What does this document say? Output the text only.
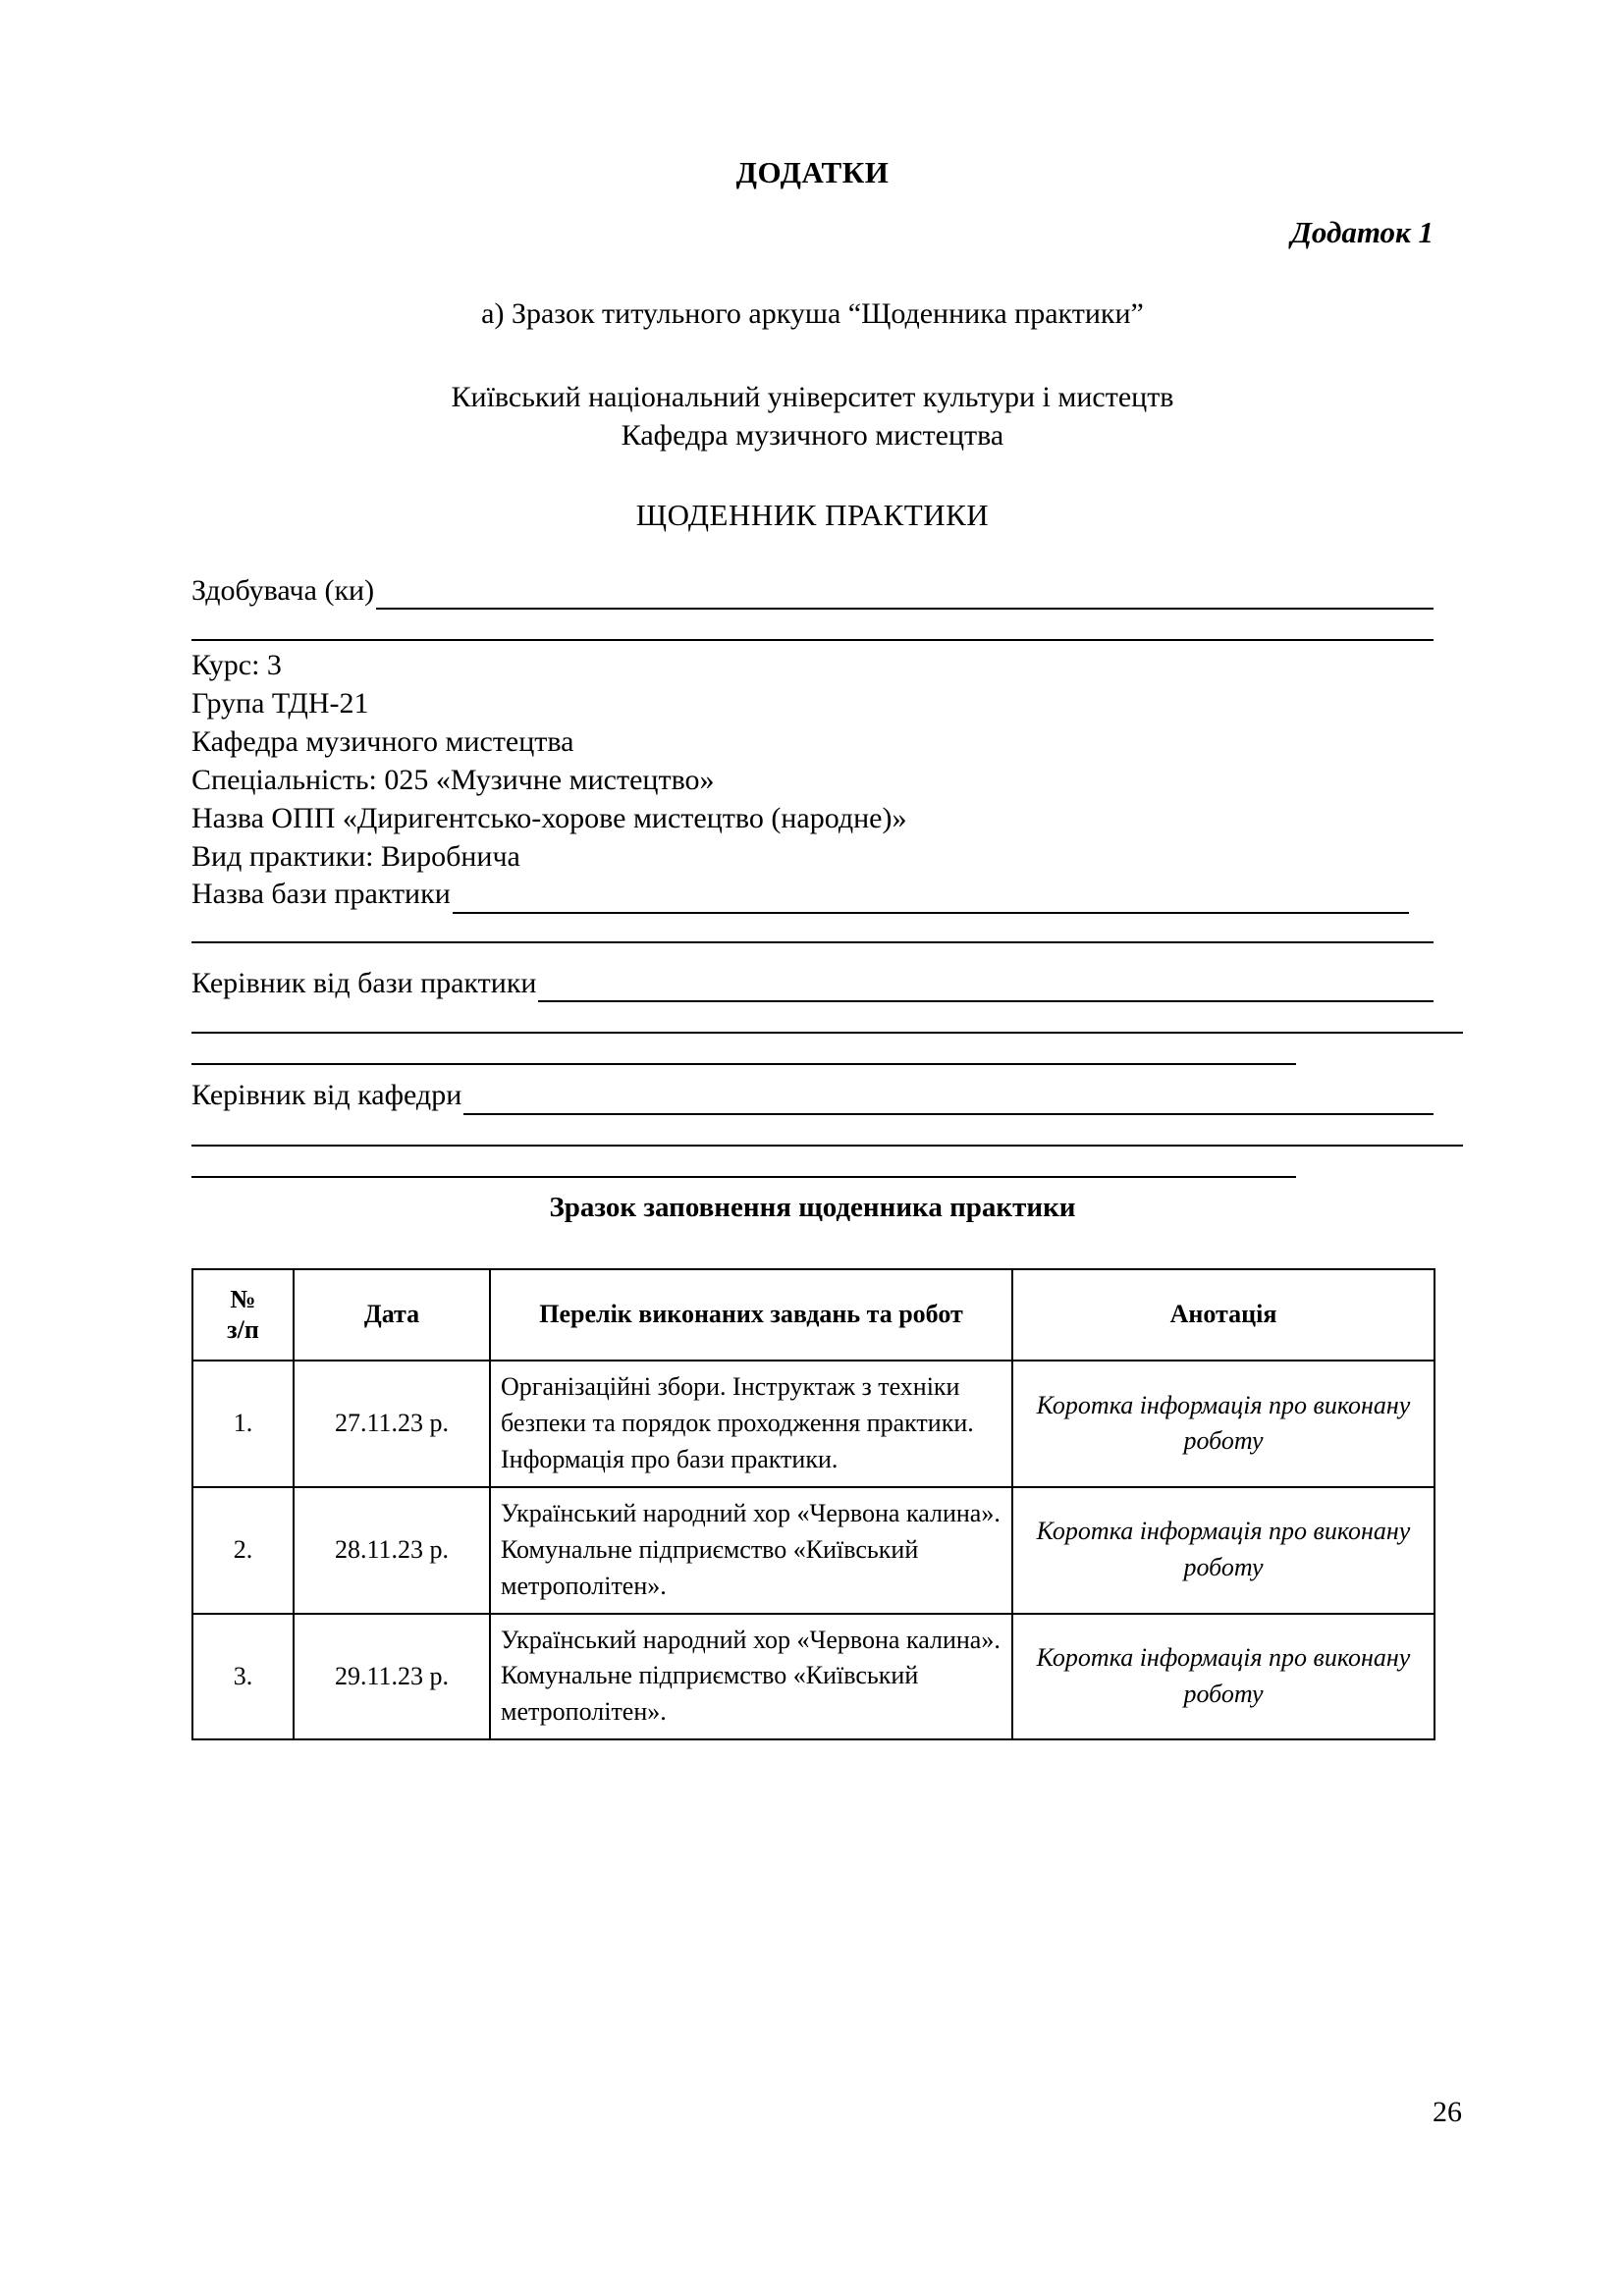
ДОДАТКИ
Додаток 1
а) Зразок титульного аркуша “Щоденника практики”
Київський національний університет культури і мистецтв
Кафедра музичного мистецтва
ЩОДЕННИК ПРАКТИКИ
Здобувача (ки)
Курс: 3
Група ТДН-21
Кафедра музичного мистецтва
Спеціальність: 025 «Музичне мистецтво»
Назва ОПП «Диригентсько-хорове мистецтво (народне)»
Вид практики: Виробнича
Назва бази практики
Керівник від бази практики
Керівник від кафедри
Зразок заповнення щоденника практики
№
з/п	Дата	Перелік виконаних завдань та робот	Анотація
1.	27.11.23 р.	Організаційні збори. Інструктаж з техніки безпеки та порядок проходження практики. Інформація про бази практики.	Коротка інформація про виконану роботу
2.	28.11.23 р.	Український народний хор «Червона калина». Комунальне підприємство «Київський метрополітен».	Коротка інформація про виконану роботу
3.	29.11.23 р.	Український народний хор «Червона калина». Комунальне підприємство «Київський метрополітен».	Коротка інформація про виконану роботу
26
